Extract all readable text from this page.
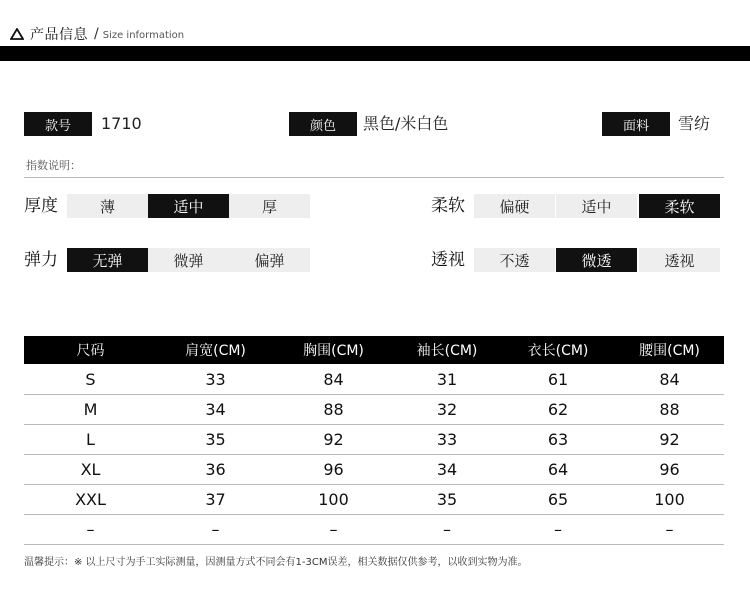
产品信息 / Size information
款号	1710	颜色	黑色/米白色	面料	雪纺
指数说明：
厚度	薄	适中	厚	柔软	偏硬	适中	柔软
弹力	无弹	微弹	偏弹	透视	不透	微透	透视
尺码	肩宽(CM)	胸围(CM)	袖长(CM)	衣长(CM)	腰围(CM)
S	33	84	31	61	84
M	34	88	32	62	88
L	35	92	33	63	92
XL	36	96	34	64	96
XXL	37	100	35	65	100
–	–	–	–	–	–
温馨提示：※ 以上尺寸为手工实际测量，因测量方式不同会有1-3CM误差，相关数据仅供参考，以收到实物为准。
